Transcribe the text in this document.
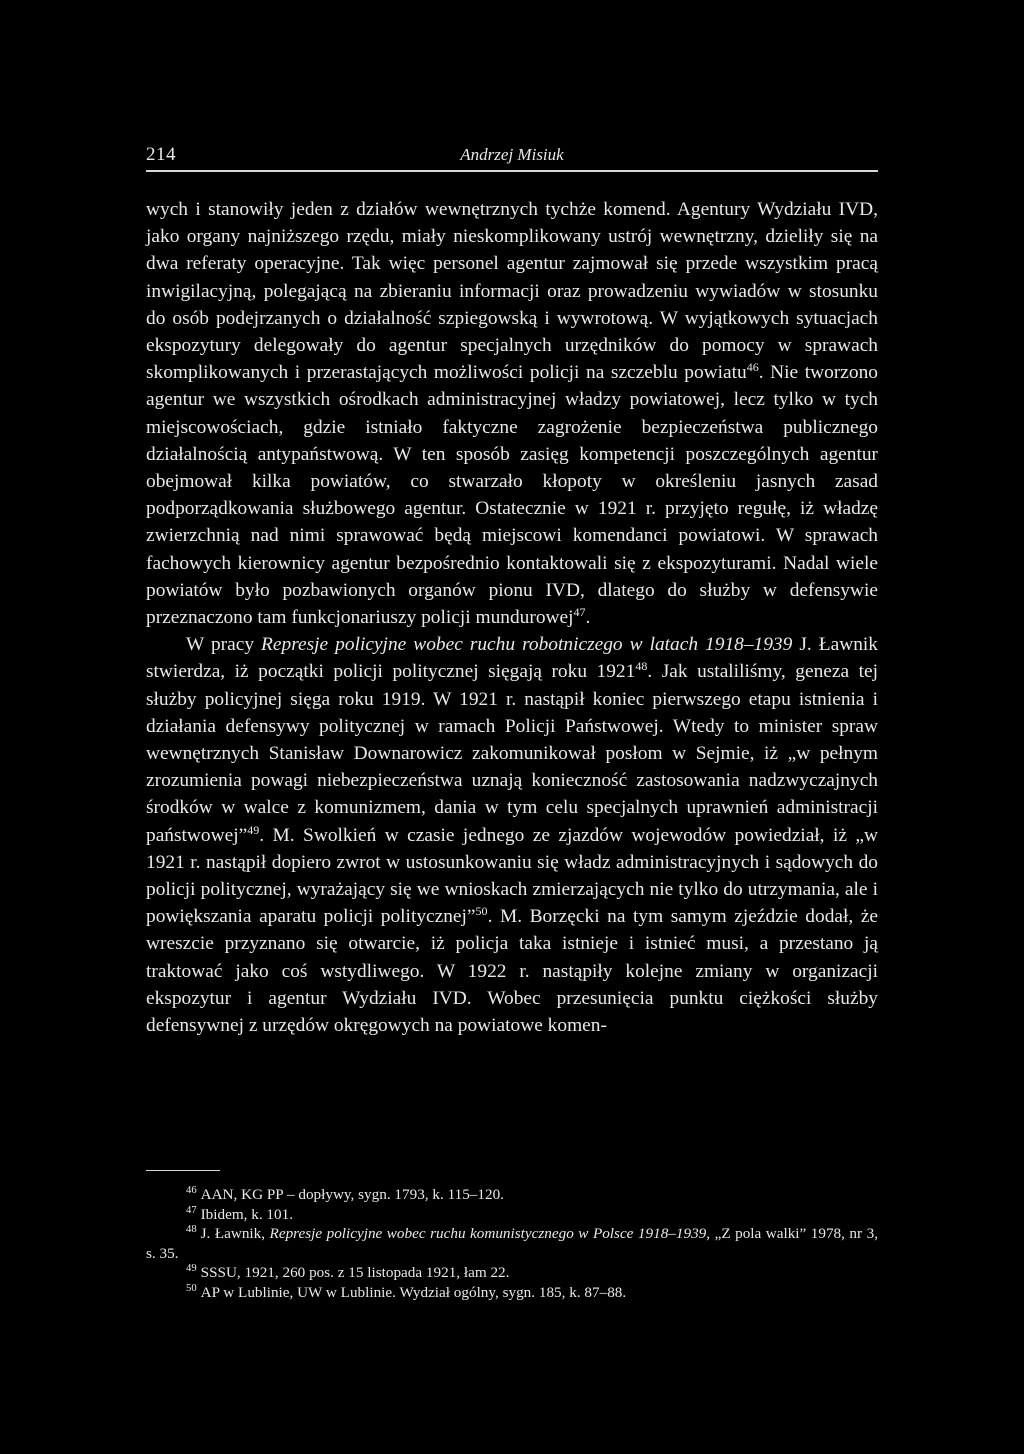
214	Andrzej Misiuk

wych i stanowiły jeden z działów wewnętrznych tychże komend. Agentury Wydziału IVD, jako organy najniższego rzędu, miały nieskomplikowany ustrój wewnętrzny, dzieliły się na dwa referaty operacyjne. Tak więc personel agentur zajmował się przede wszystkim pracą inwigilacyjną, polegającą na zbieraniu informacji oraz prowadzeniu wywiadów w stosunku do osób podejrzanych o działalność szpiegowską i wywrotową. W wyjątkowych sytuacjach ekspozytury delegowały do agentur specjalnych urzędników do pomocy w sprawach skomplikowanych i przerastających możliwości policji na szczeblu powiatu$^{46}$. Nie tworzono agentur we wszystkich ośrodkach administracyjnej władzy powiatowej, lecz tylko w tych miejscowościach, gdzie istniało faktyczne zagrożenie bezpieczeństwa publicznego działalnością antypaństwową. W ten sposób zasięg kompetencji poszczególnych agentur obejmował kilka powiatów, co stwarzało kłopoty w określeniu jasnych zasad podporządkowania służbowego agentur. Ostatecznie w 1921 r. przyjęto regułę, iż władzę zwierzchnią nad nimi sprawować będą miejscowi komendanci powiatowi. W sprawach fachowych kierownicy agentur bezpośrednio kontaktowali się z ekspozyturami. Nadal wiele powiatów było pozbawionych organów pionu IVD, dlatego do służby w defensywie przeznaczono tam funkcjonariuszy policji mundurowej$^{47}$.

W pracy Represje policyjne wobec ruchu robotniczego w latach 1918–1939 J. Ławnik stwierdza, iż początki policji politycznej sięgają roku 1921$^{48}$. Jak ustaliliśmy, geneza tej służby policyjnej sięga roku 1919. W 1921 r. nastąpił koniec pierwszego etapu istnienia i działania defensywy politycznej w ramach Policji Państwowej. Wtedy to minister spraw wewnętrznych Stanisław Downarowicz zakomunikował posłom w Sejmie, iż „w pełnym zrozumienia powagi niebezpieczeństwa uznają konieczność zastosowania nadzwyczajnych środków w walce z komunizmem, dania w tym celu specjalnych uprawnień administracji państwowej”$^{49}$. M. Swolkień w czasie jednego ze zjazdów wojewodów powiedział, iż „w 1921 r. nastąpił dopiero zwrot w ustosunkowaniu się władz administracyjnych i sądowych do policji politycznej, wyrażający się we wnioskach zmierzających nie tylko do utrzymania, ale i powiększania aparatu policji politycznej”$^{50}$. M. Borzęcki na tym samym zjeździe dodał, że wreszcie przyznano się otwarcie, iż policja taka istnieje i istnieć musi, a przestano ją traktować jako coś wstydliwego. W 1922 r. nastąpiły kolejne zmiany w organizacji ekspozytur i agentur Wydziału IVD. Wobec przesunięcia punktu ciężkości służby defensywnej z urzędów okręgowych na powiatowe komen-

$^{46}$ AAN, KG PP – dopływy, sygn. 1793, k. 115–120.

$^{47}$ Ibidem, k. 101.

$^{48}$ J. Ławnik, Represje policyjne wobec ruchu komunistycznego w Polsce 1918–1939, „Z pola walki” 1978, nr 3, s. 35.

$^{49}$ SSSU, 1921, 260 pos. z 15 listopada 1921, łam 22.

$^{50}$ AP w Lublinie, UW w Lublinie. Wydział ogólny, sygn. 185, k. 87–88.
